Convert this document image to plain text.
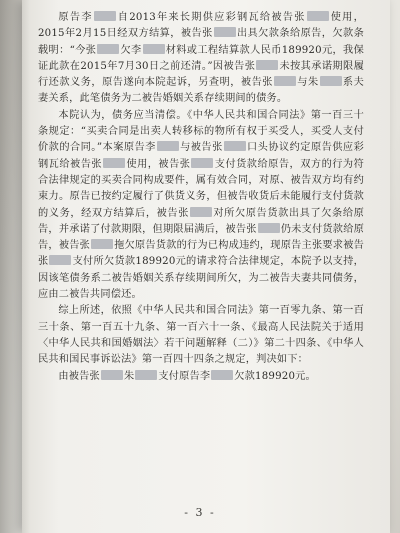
原告李 自2013年来长期供应彩钢瓦给被告张 使用，2015年2月15日经双方结算，被告张 出具欠款条给原告，欠款条载明：“今张 欠李 材料或工程结算款人民币189920元，我保证此款在2015年7月30日之前还清。”因被告张 未按其承诺期限履行还款义务，原告遂向本院起诉，另查明，被告张 与朱 系夫妻关系，此笔债务为二被告婚姻关系存续期间的债务。

本院认为，债务应当清偿。《中华人民共和国合同法》第一百三十条规定：“买卖合同是出卖人转移标的物所有权于买受人，买受人支付价款的合同。”本案原告李 与被告张 口头协议约定原告供应彩钢瓦给被告张 使用，被告张 支付货款给原告，双方的行为符合法律规定的买卖合同构成要件，属有效合同，对原、被告双方均有约束力。原告已按约定履行了供货义务，但被告收货后未能履行支付货款的义务，经双方结算后，被告张 对所欠原告货款出具了欠条给原告，并承诺了付款期限，但期限届满后，被告张 仍未支付货款给原告，被告张 拖欠原告货款的行为已构成违约，现原告主张要求被告张 支付所欠货款189920元的请求符合法律规定，本院予以支持，因该笔债务系二被告婚姻关系存续期间所欠，为二被告夫妻共同债务，应由二被告共同偿还。

综上所述，依照《中华人民共和国合同法》第一百零九条、第一百三十条、第一百五十九条、第一百六十一条、《最高人民法院关于适用〈中华人民共和国婚姻法〉若干问题解释（二）》第二十四条、《中华人民共和国民事诉讼法》第一百四十四条之规定，判决如下：

由被告张 朱 支付原告李 欠款189920元。

- 3 -
